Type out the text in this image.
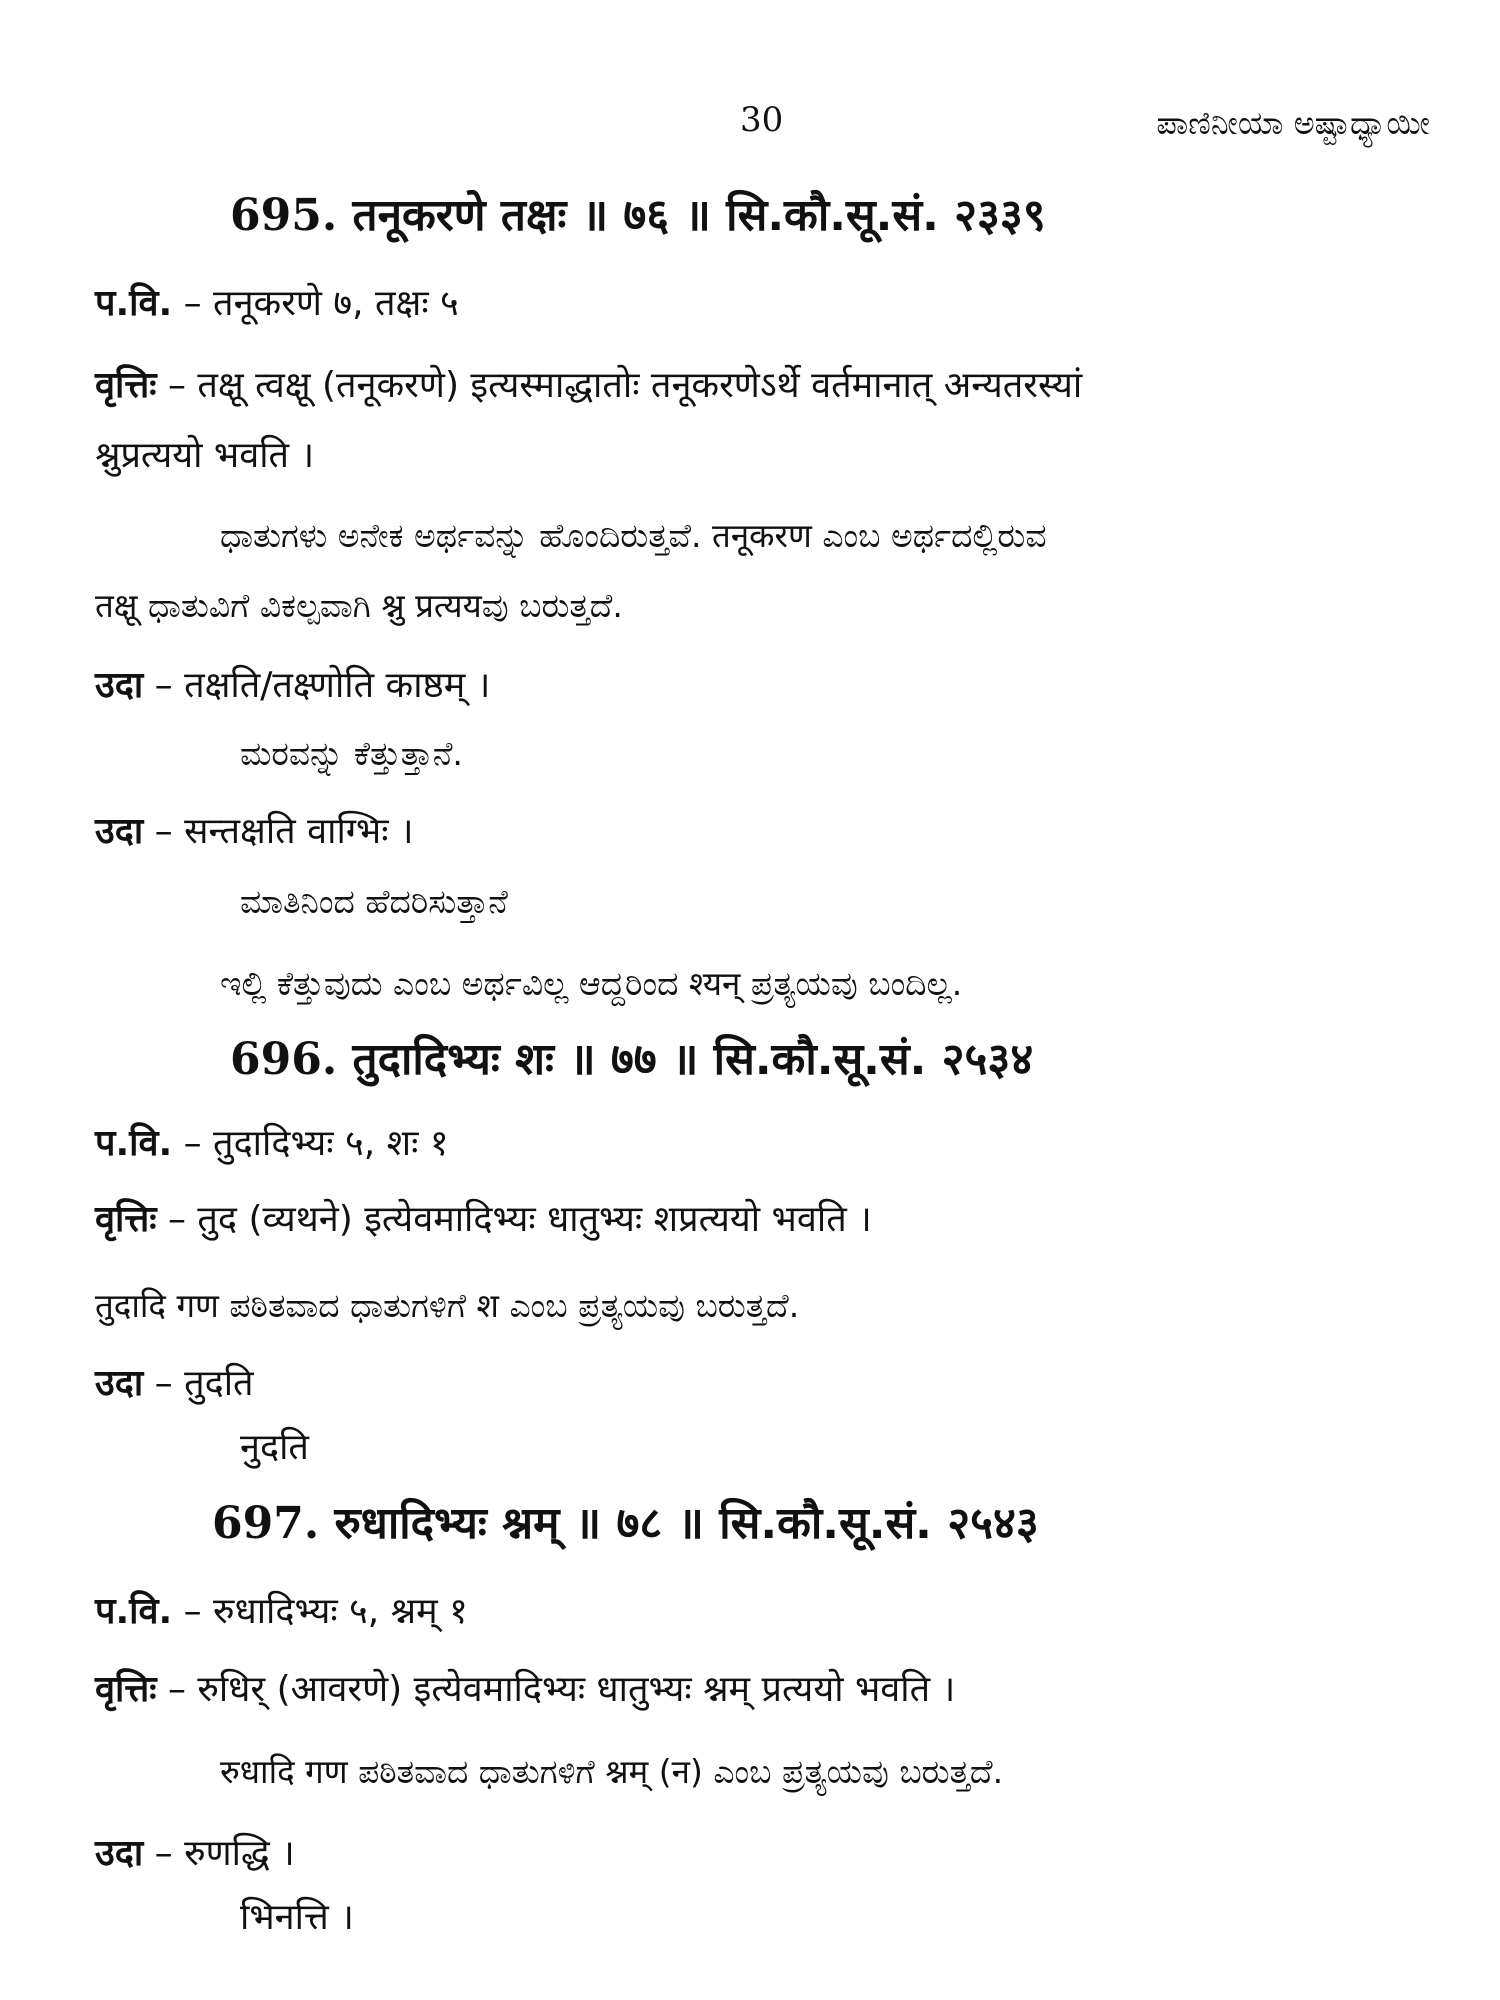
30	ಪಾಣಿನೀಯಾ ಅಷ್ಟಾಧ್ಯಾಯೀ
695. तनूकरणे तक्षः ॥ ७६ ॥ सि.कौ.सू.सं. २३३९
प.वि. – तनूकरणे ७, तक्षः ५
वृत्तिः – तक्षू त्वक्षू (तनूकरणे) इत्यस्माद्धातोः तनूकरणेऽर्थे वर्तमानात् अन्यतरस्यां
श्नुप्रत्ययो भवति ।
ಧಾತುಗಳು ಅನೇಕ ಅರ್ಥವನ್ನು ಹೊಂದಿರುತ್ತವೆ. तनूकरण ಎಂಬ ಅರ್ಥದಲ್ಲಿರುವ
तक्षू ಧಾತುವಿಗೆ ವಿಕಲ್ಪವಾಗಿ श्नु प्रत्ययವು ಬರುತ್ತದೆ.
उदा – तक्षति/तक्ष्णोति काष्ठम् ।
ಮರವನ್ನು ಕೆತ್ತುತ್ತಾನೆ.
उदा – सन्तक्षति वाग्भिः ।
ಮಾತಿನಿಂದ ಹೆದರಿಸುತ್ತಾನೆ
ಇಲ್ಲಿ ಕೆತ್ತುವುದು ಎಂಬ ಅರ್ಥವಿಲ್ಲ ಆದ್ದರಿಂದ श्यन् ಪ್ರತ್ಯಯವು ಬಂದಿಲ್ಲ.
696. तुदादिभ्यः शः ॥ ७७ ॥ सि.कौ.सू.सं. २५३४
प.वि. – तुदादिभ्यः ५, शः १
वृत्तिः – तुद (व्यथने) इत्येवमादिभ्यः धातुभ्यः शप्रत्ययो भवति ।
तुदादि गण ಪಠಿತವಾದ ಧಾತುಗಳಿಗೆ श ಎಂಬ ಪ್ರತ್ಯಯವು ಬರುತ್ತದೆ.
उदा – तुदति
नुदति
697. रुधादिभ्यः श्नम् ॥ ७८ ॥ सि.कौ.सू.सं. २५४३
प.वि. – रुधादिभ्यः ५, श्नम् १
वृत्तिः – रुधिर् (आवरणे) इत्येवमादिभ्यः धातुभ्यः श्नम् प्रत्ययो भवति ।
रुधादि गण ಪಠಿತವಾದ ಧಾತುಗಳಿಗೆ श्नम् (न) ಎಂಬ ಪ್ರತ್ಯಯವು ಬರುತ್ತದೆ.
उदा – रुणद्धि ।
भिनत्ति ।
